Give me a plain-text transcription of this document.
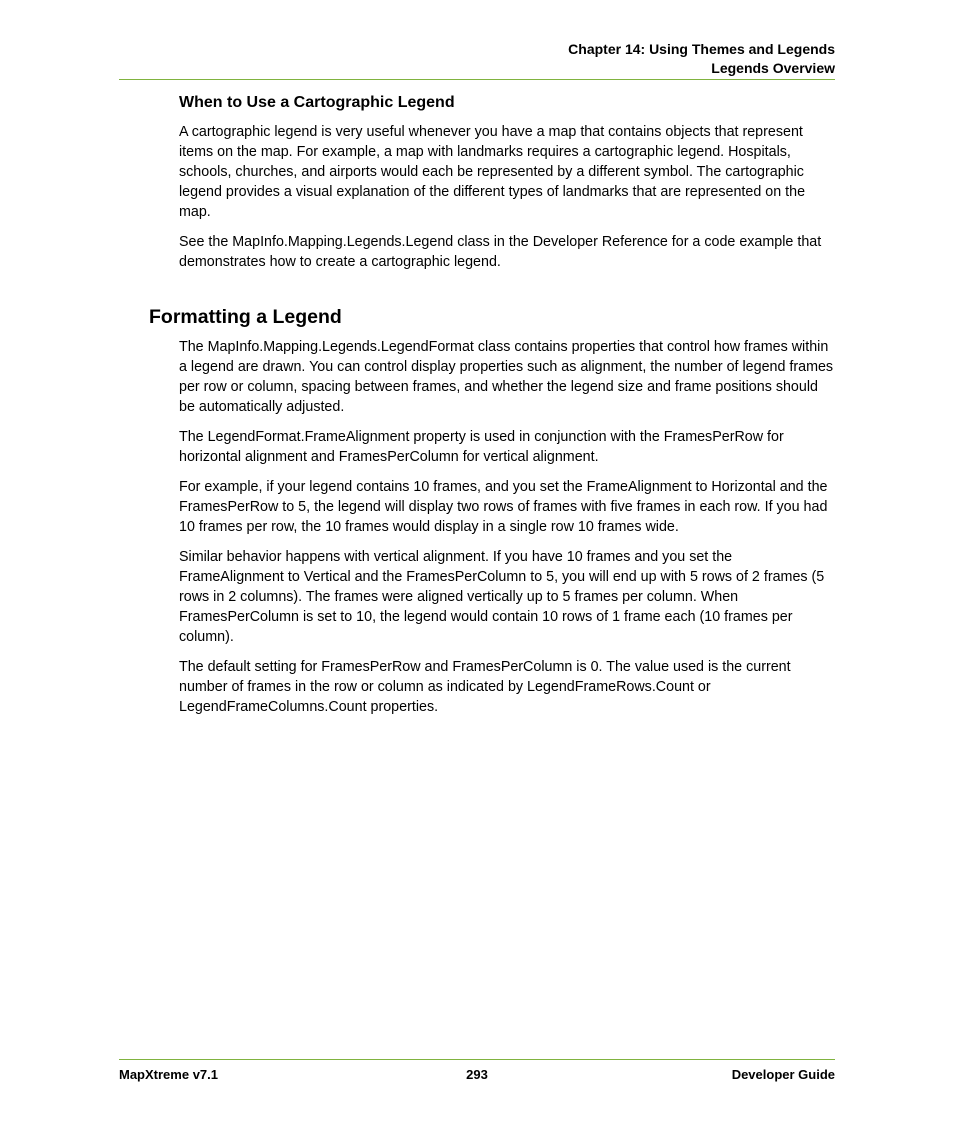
Chapter 14: Using Themes and Legends
Legends Overview
When to Use a Cartographic Legend

A cartographic legend is very useful whenever you have a map that contains objects that represent items on the map. For example, a map with landmarks requires a cartographic legend. Hospitals, schools, churches, and airports would each be represented by a different symbol. The cartographic legend provides a visual explanation of the different types of landmarks that are represented on the map.

See the MapInfo.Mapping.Legends.Legend class in the Developer Reference for a code example that demonstrates how to create a cartographic legend.

Formatting a Legend

The MapInfo.Mapping.Legends.LegendFormat class contains properties that control how frames within a legend are drawn. You can control display properties such as alignment, the number of legend frames per row or column, spacing between frames, and whether the legend size and frame positions should be automatically adjusted.

The LegendFormat.FrameAlignment property is used in conjunction with the FramesPerRow for horizontal alignment and FramesPerColumn for vertical alignment.

For example, if your legend contains 10 frames, and you set the FrameAlignment to Horizontal and the FramesPerRow to 5, the legend will display two rows of frames with five frames in each row. If you had 10 frames per row, the 10 frames would display in a single row 10 frames wide.

Similar behavior happens with vertical alignment. If you have 10 frames and you set the FrameAlignment to Vertical and the FramesPerColumn to 5, you will end up with 5 rows of 2 frames (5 rows in 2 columns). The frames were aligned vertically up to 5 frames per column. When FramesPerColumn is set to 10, the legend would contain 10 rows of 1 frame each (10 frames per column).

The default setting for FramesPerRow and FramesPerColumn is 0. The value used is the current number of frames in the row or column as indicated by LegendFrameRows.Count or LegendFrameColumns.Count properties.

MapXtreme v7.1	293	Developer Guide
